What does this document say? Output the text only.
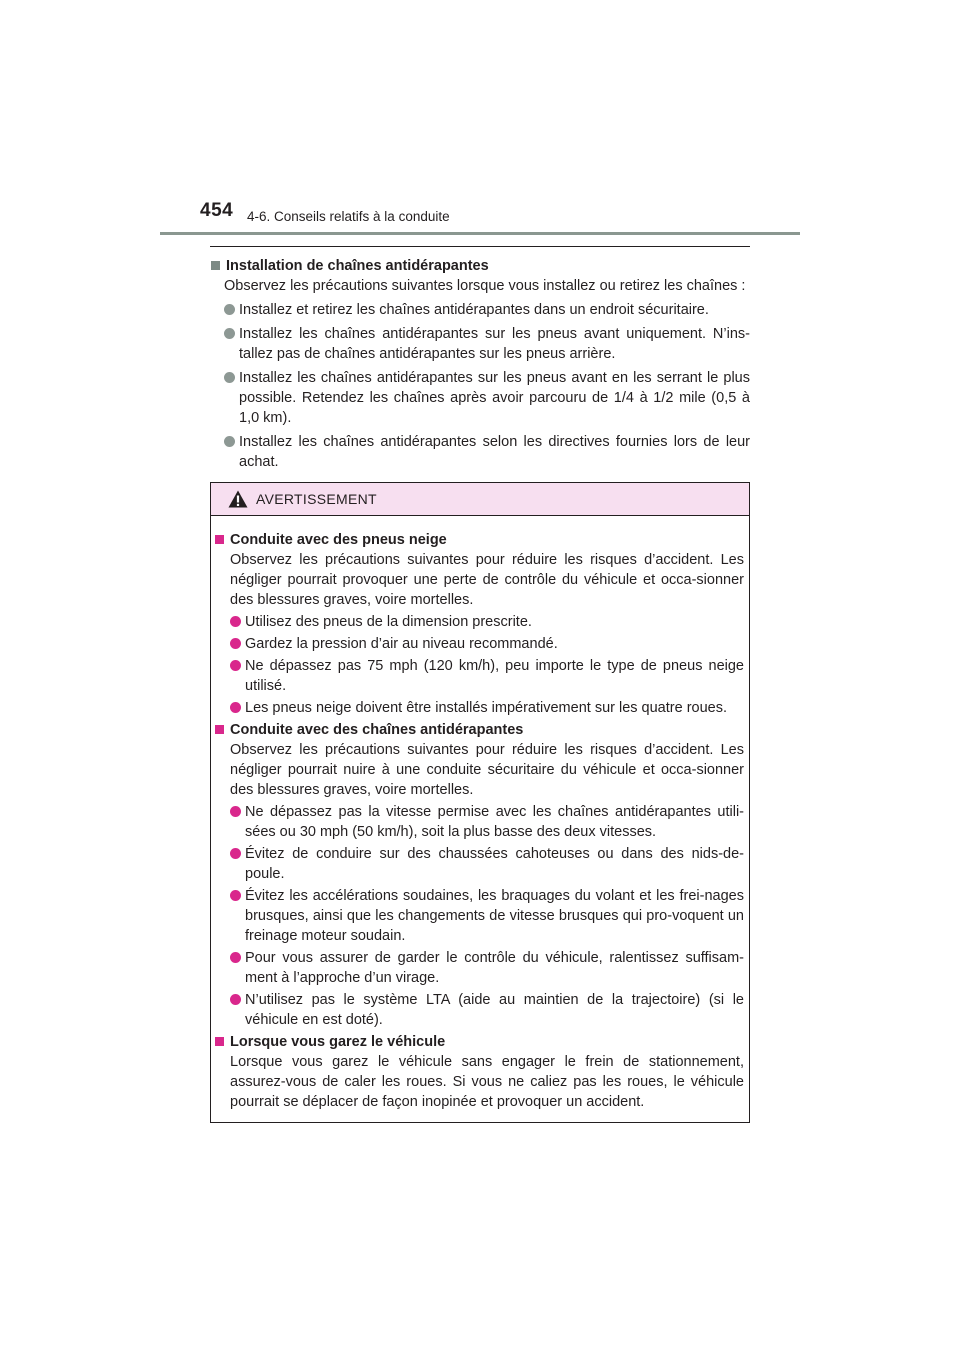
454 4-6. Conseils relatifs à la conduite
Installation de chaînes antidérapantes
Observez les précautions suivantes lorsque vous installez ou retirez les chaînes :
Installez et retirez les chaînes antidérapantes dans un endroit sécuritaire.
Installez les chaînes antidérapantes sur les pneus avant uniquement. N’ins-tallez pas de chaînes antidérapantes sur les pneus arrière.
Installez les chaînes antidérapantes sur les pneus avant en les serrant le plus possible. Retendez les chaînes après avoir parcouru de 1/4 à 1/2 mile (0,5 à 1,0 km).
Installez les chaînes antidérapantes selon les directives fournies lors de leur achat.
AVERTISSEMENT
Conduite avec des pneus neige
Observez les précautions suivantes pour réduire les risques d’accident. Les négliger pourrait provoquer une perte de contrôle du véhicule et occa-sionner des blessures graves, voire mortelles.
Utilisez des pneus de la dimension prescrite.
Gardez la pression d’air au niveau recommandé.
Ne dépassez pas 75 mph (120 km/h), peu importe le type de pneus neige utilisé.
Les pneus neige doivent être installés impérativement sur les quatre roues.
Conduite avec des chaînes antidérapantes
Observez les précautions suivantes pour réduire les risques d’accident. Les négliger pourrait nuire à une conduite sécuritaire du véhicule et occa-sionner des blessures graves, voire mortelles.
Ne dépassez pas la vitesse permise avec les chaînes antidérapantes utili-sées ou 30 mph (50 km/h), soit la plus basse des deux vitesses.
Évitez de conduire sur des chaussées cahoteuses ou dans des nids-de-poule.
Évitez les accélérations soudaines, les braquages du volant et les frei-nages brusques, ainsi que les changements de vitesse brusques qui pro-voquent un freinage moteur soudain.
Pour vous assurer de garder le contrôle du véhicule, ralentissez suffisam-ment à l’approche d’un virage.
N’utilisez pas le système LTA (aide au maintien de la trajectoire) (si le véhicule en est doté).
Lorsque vous garez le véhicule
Lorsque vous garez le véhicule sans engager le frein de stationnement, assurez-vous de caler les roues. Si vous ne caliez pas les roues, le véhicule pourrait se déplacer de façon inopinée et provoquer un accident.
